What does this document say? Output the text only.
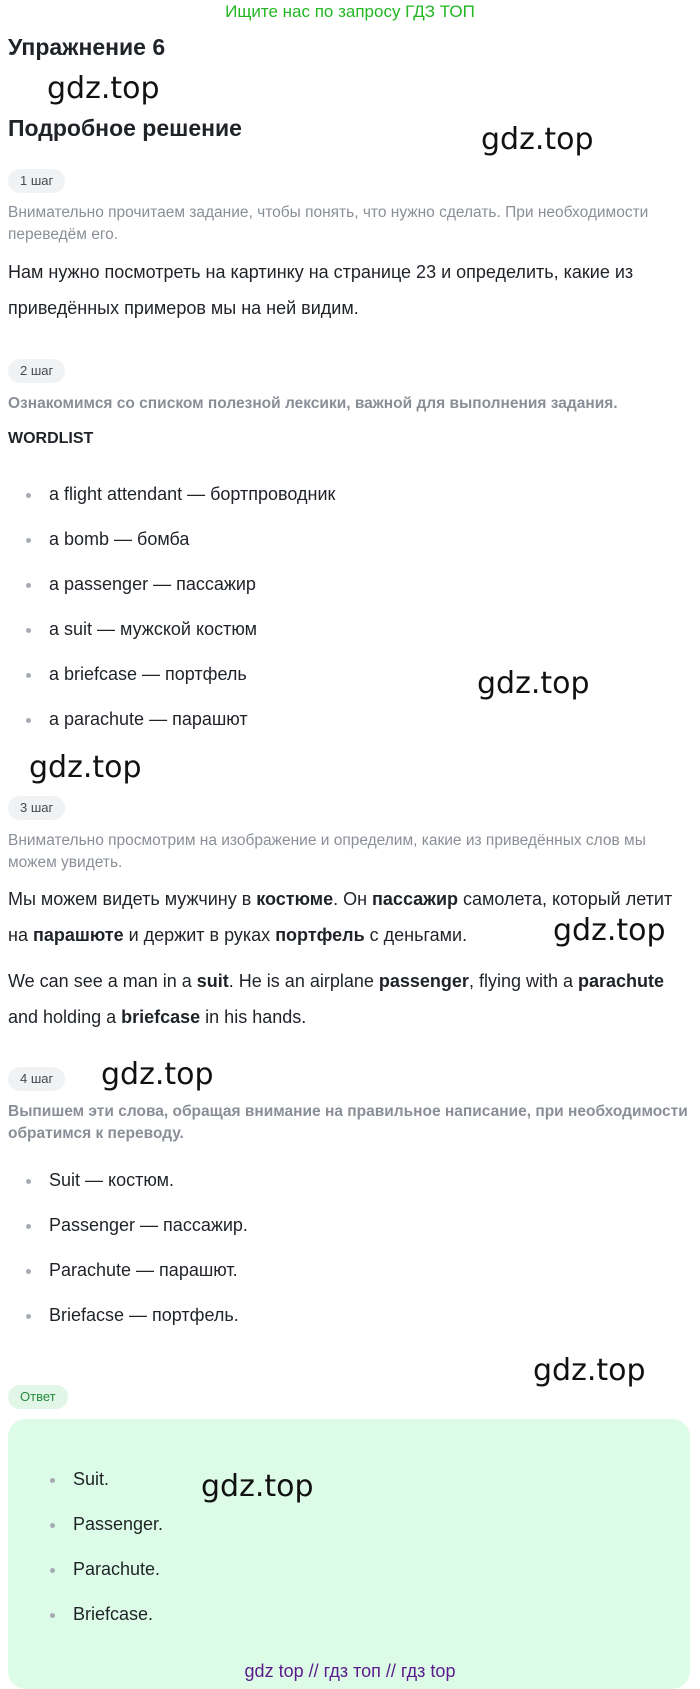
Ищите нас по запросу ГДЗ ТОП
Упражнение 6
gdz.top
Подробное решение	gdz.top
1 шаг
Внимательно прочитаем задание, чтобы понять, что нужно сделать. При необходимости переведём его.
Нам нужно посмотреть на картинку на странице 23 и определить, какие из приведённых примеров мы на ней видим.
2 шаг
Ознакомимся со списком полезной лексики, важной для выполнения задания.
WORDLIST
a flight attendant — бортпроводник
a bomb — бомба
a passenger — пассажир
a suit — мужской костюм
a briefcase — портфель
a parachute — парашют
gdz.top
gdz.top
3 шаг
Внимательно просмотрим на изображение и определим, какие из приведённых слов мы можем увидеть.
Мы можем видеть мужчину в костюме. Он пассажир самолета, который летит на парашюте и держит в руках портфель с деньгами.	gdz.top
We can see a man in a suit. He is an airplane passenger, flying with a parachute and holding a briefcase in his hands.
4 шаг	gdz.top
Выпишем эти слова, обращая внимание на правильное написание, при необходимости обратимся к переводу.
Suit — костюм.
Passenger — пассажир.
Parachute — парашют.
Briefacse — портфель.
gdz.top
Ответ
Suit.
Passenger.
Parachute.
Briefcase.
gdz.top
gdz top // гдз топ // гдз top
